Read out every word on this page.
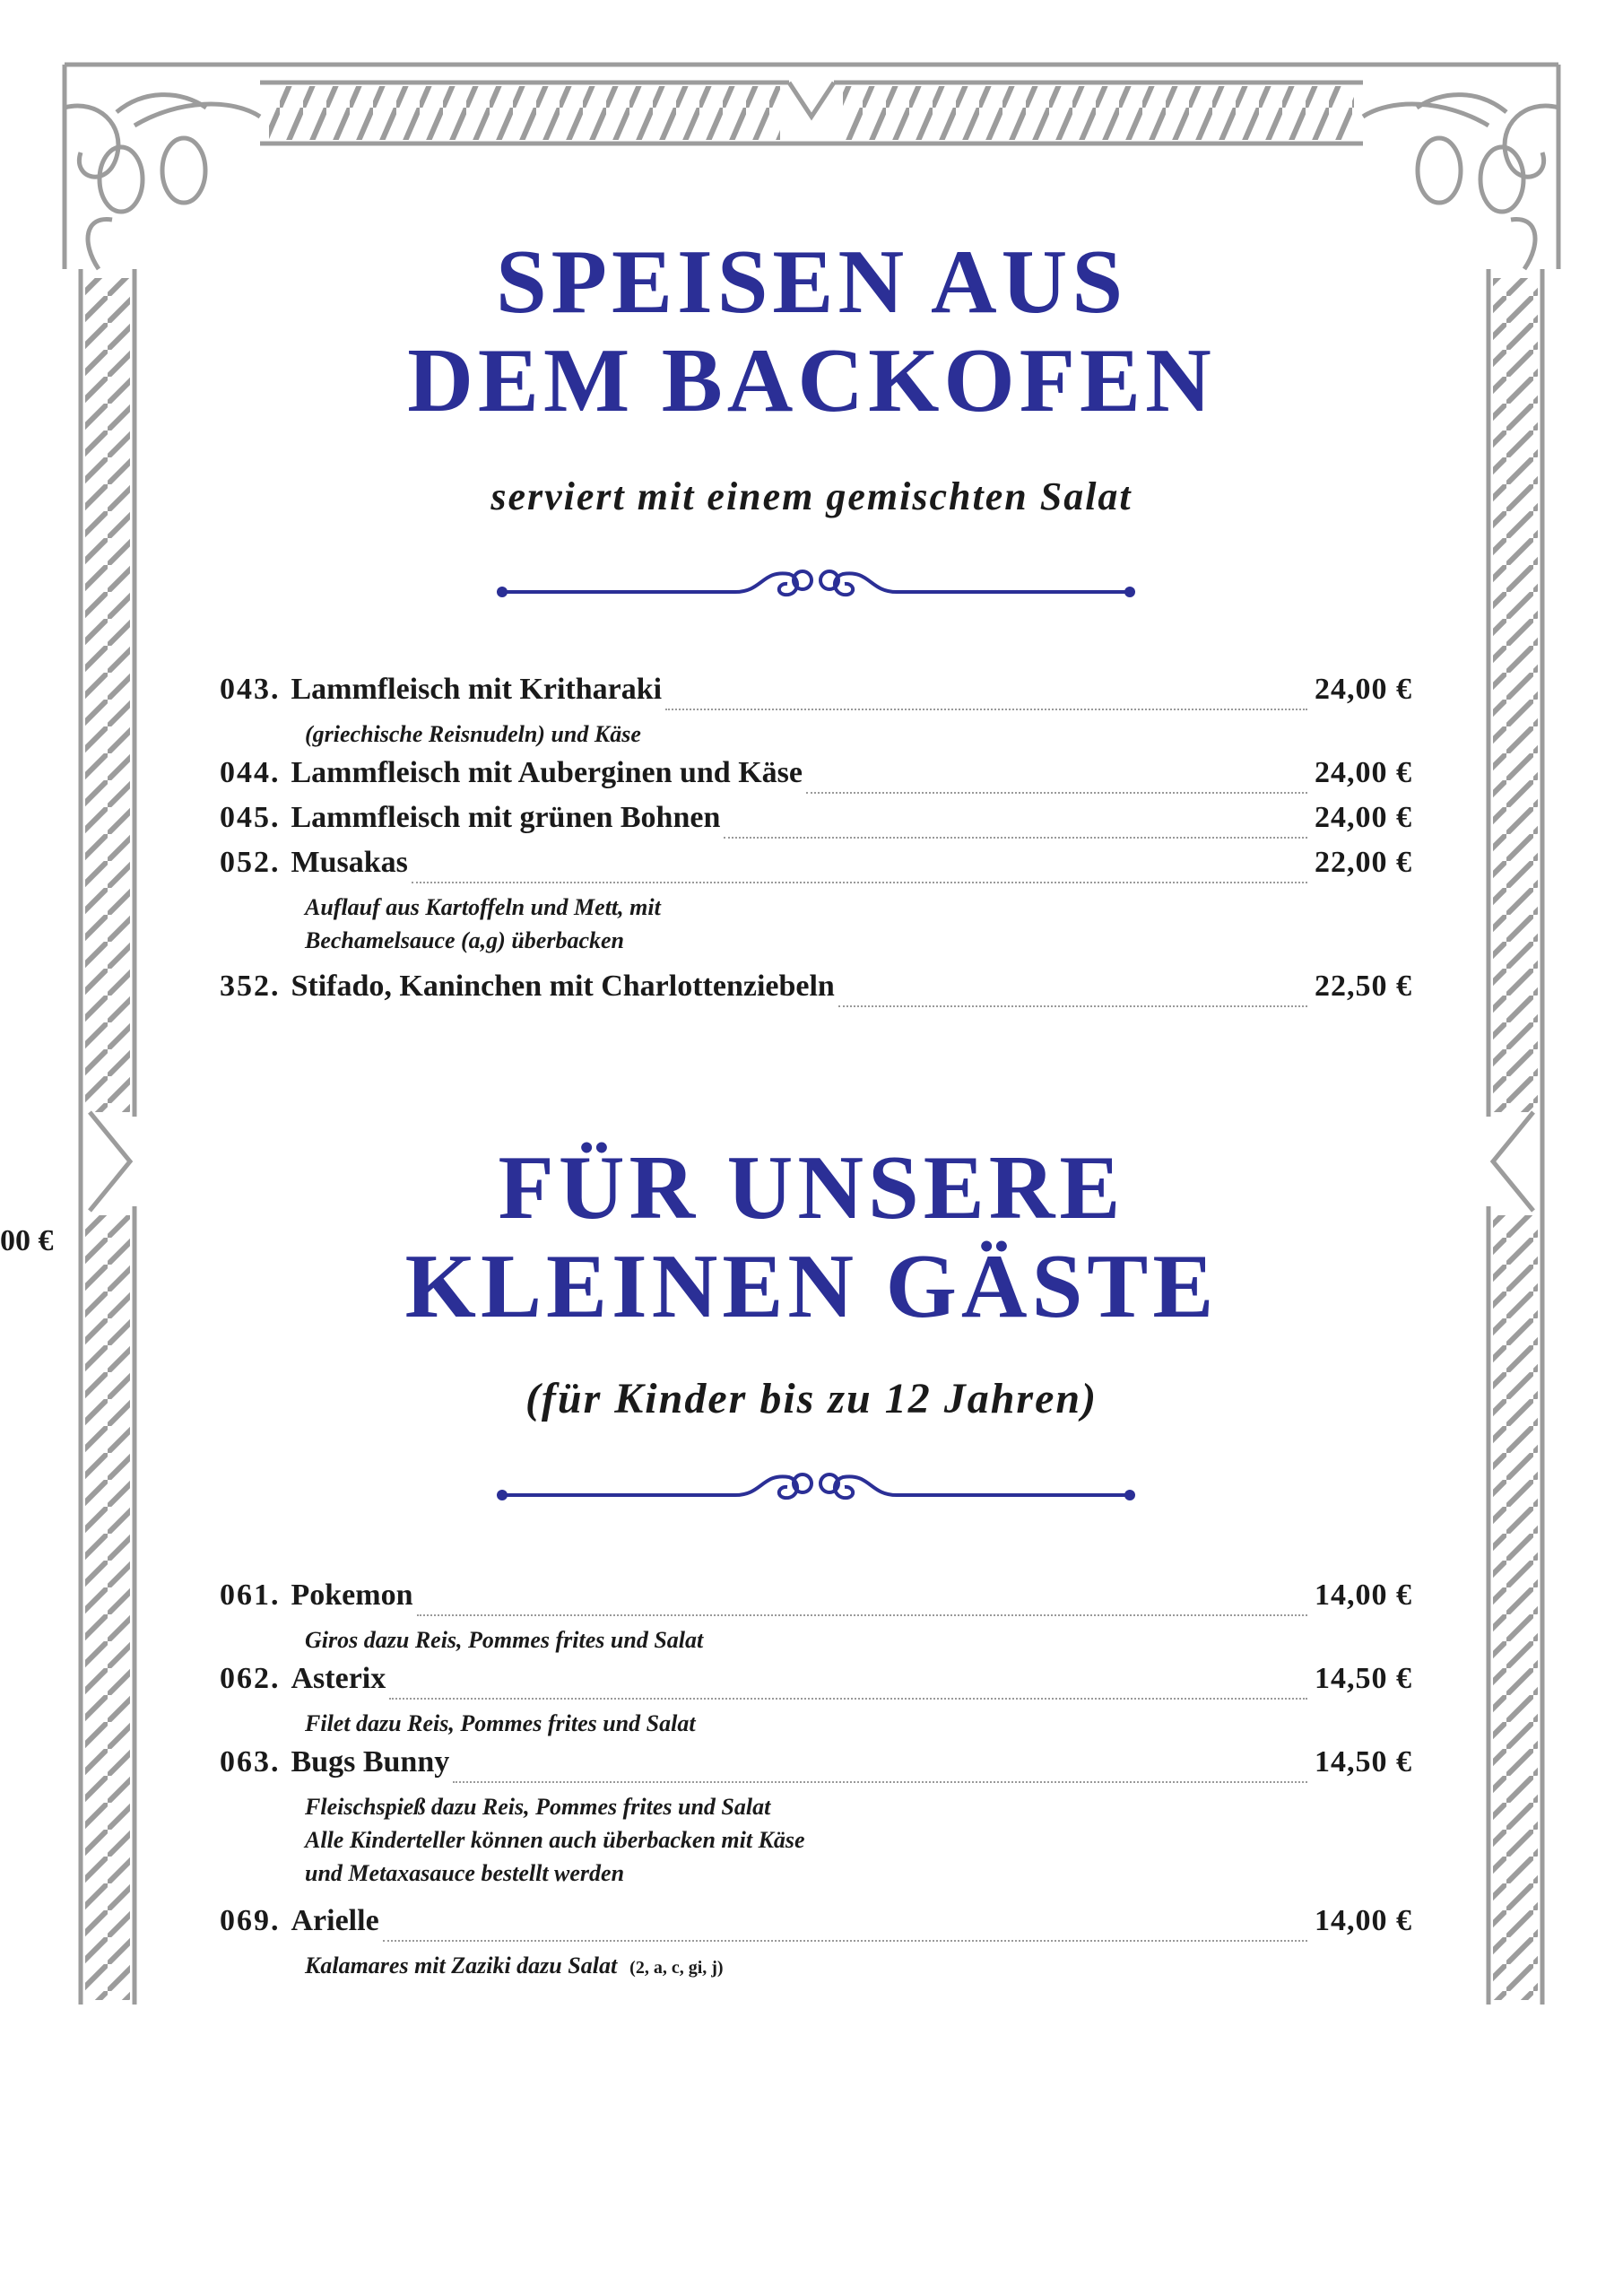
00 €
SPEISEN AUS
DEM BACKOFEN
serviert mit einem gemischten Salat
043. Lammfleisch mit Kritharaki	24,00 €
(griechische Reisnudeln) und Käse
044. Lammfleisch mit Auberginen und Käse	24,00 €
045. Lammfleisch mit grünen Bohnen	24,00 €
052. Musakas	22,00 €
Auflauf aus Kartoffeln und Mett, mit
Bechamelsauce (a,g) überbacken
352. Stifado, Kaninchen mit Charlottenziebeln	22,50 €
FÜR UNSERE
KLEINEN GÄSTE
(für Kinder bis zu 12 Jahren)
061. Pokemon	14,00 €
Giros dazu Reis, Pommes frites und Salat
062. Asterix	14,50 €
Filet dazu Reis, Pommes frites und Salat
063. Bugs Bunny	14,50 €
Fleischspieß dazu Reis, Pommes frites und Salat
Alle Kinderteller können auch überbacken mit Käse
und Metaxasauce bestellt werden
069. Arielle	14,00 €
Kalamares mit Zaziki dazu Salat (2, a, c, gi, j)
